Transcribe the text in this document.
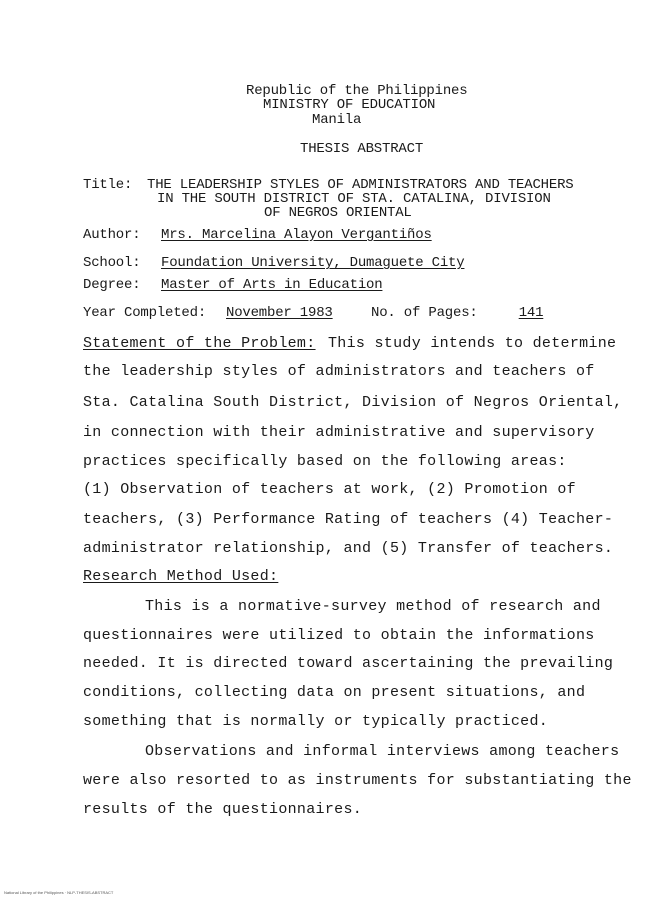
Republic of the Philippines
MINISTRY OF EDUCATION
Manila
THESIS ABSTRACT
Title: THE LEADERSHIP STYLES OF ADMINISTRATORS AND TEACHERS
IN THE SOUTH DISTRICT OF STA. CATALINA, DIVISION
OF NEGROS ORIENTAL
Author: Mrs. Marcelina Alayon Vergantiños
School: Foundation University, Dumaguete City
Degree: Master of Arts in Education
Year Completed: November 1983	No. of Pages:	141
Statement of the Problem: This study intends to determine
the leadership styles of administrators and teachers of
Sta. Catalina South District, Division of Negros Oriental,
in connection with their administrative and supervisory
practices specifically based on the following areas:
(1) Observation of teachers at work, (2) Promotion of
teachers, (3) Performance Rating of teachers (4) Teacher-
administrator relationship, and (5) Transfer of teachers.
Research Method Used:
This is a normative-survey method of research and
questionnaires were utilized to obtain the informations
needed. It is directed toward ascertaining the prevailing
conditions, collecting data on present situations, and
something that is normally or typically practiced.
Observations and informal interviews among teachers
were also resorted to as instruments for substantiating the
results of the questionnaires.
National Library of the Philippines · NLP-THESIS-ABSTRACT
